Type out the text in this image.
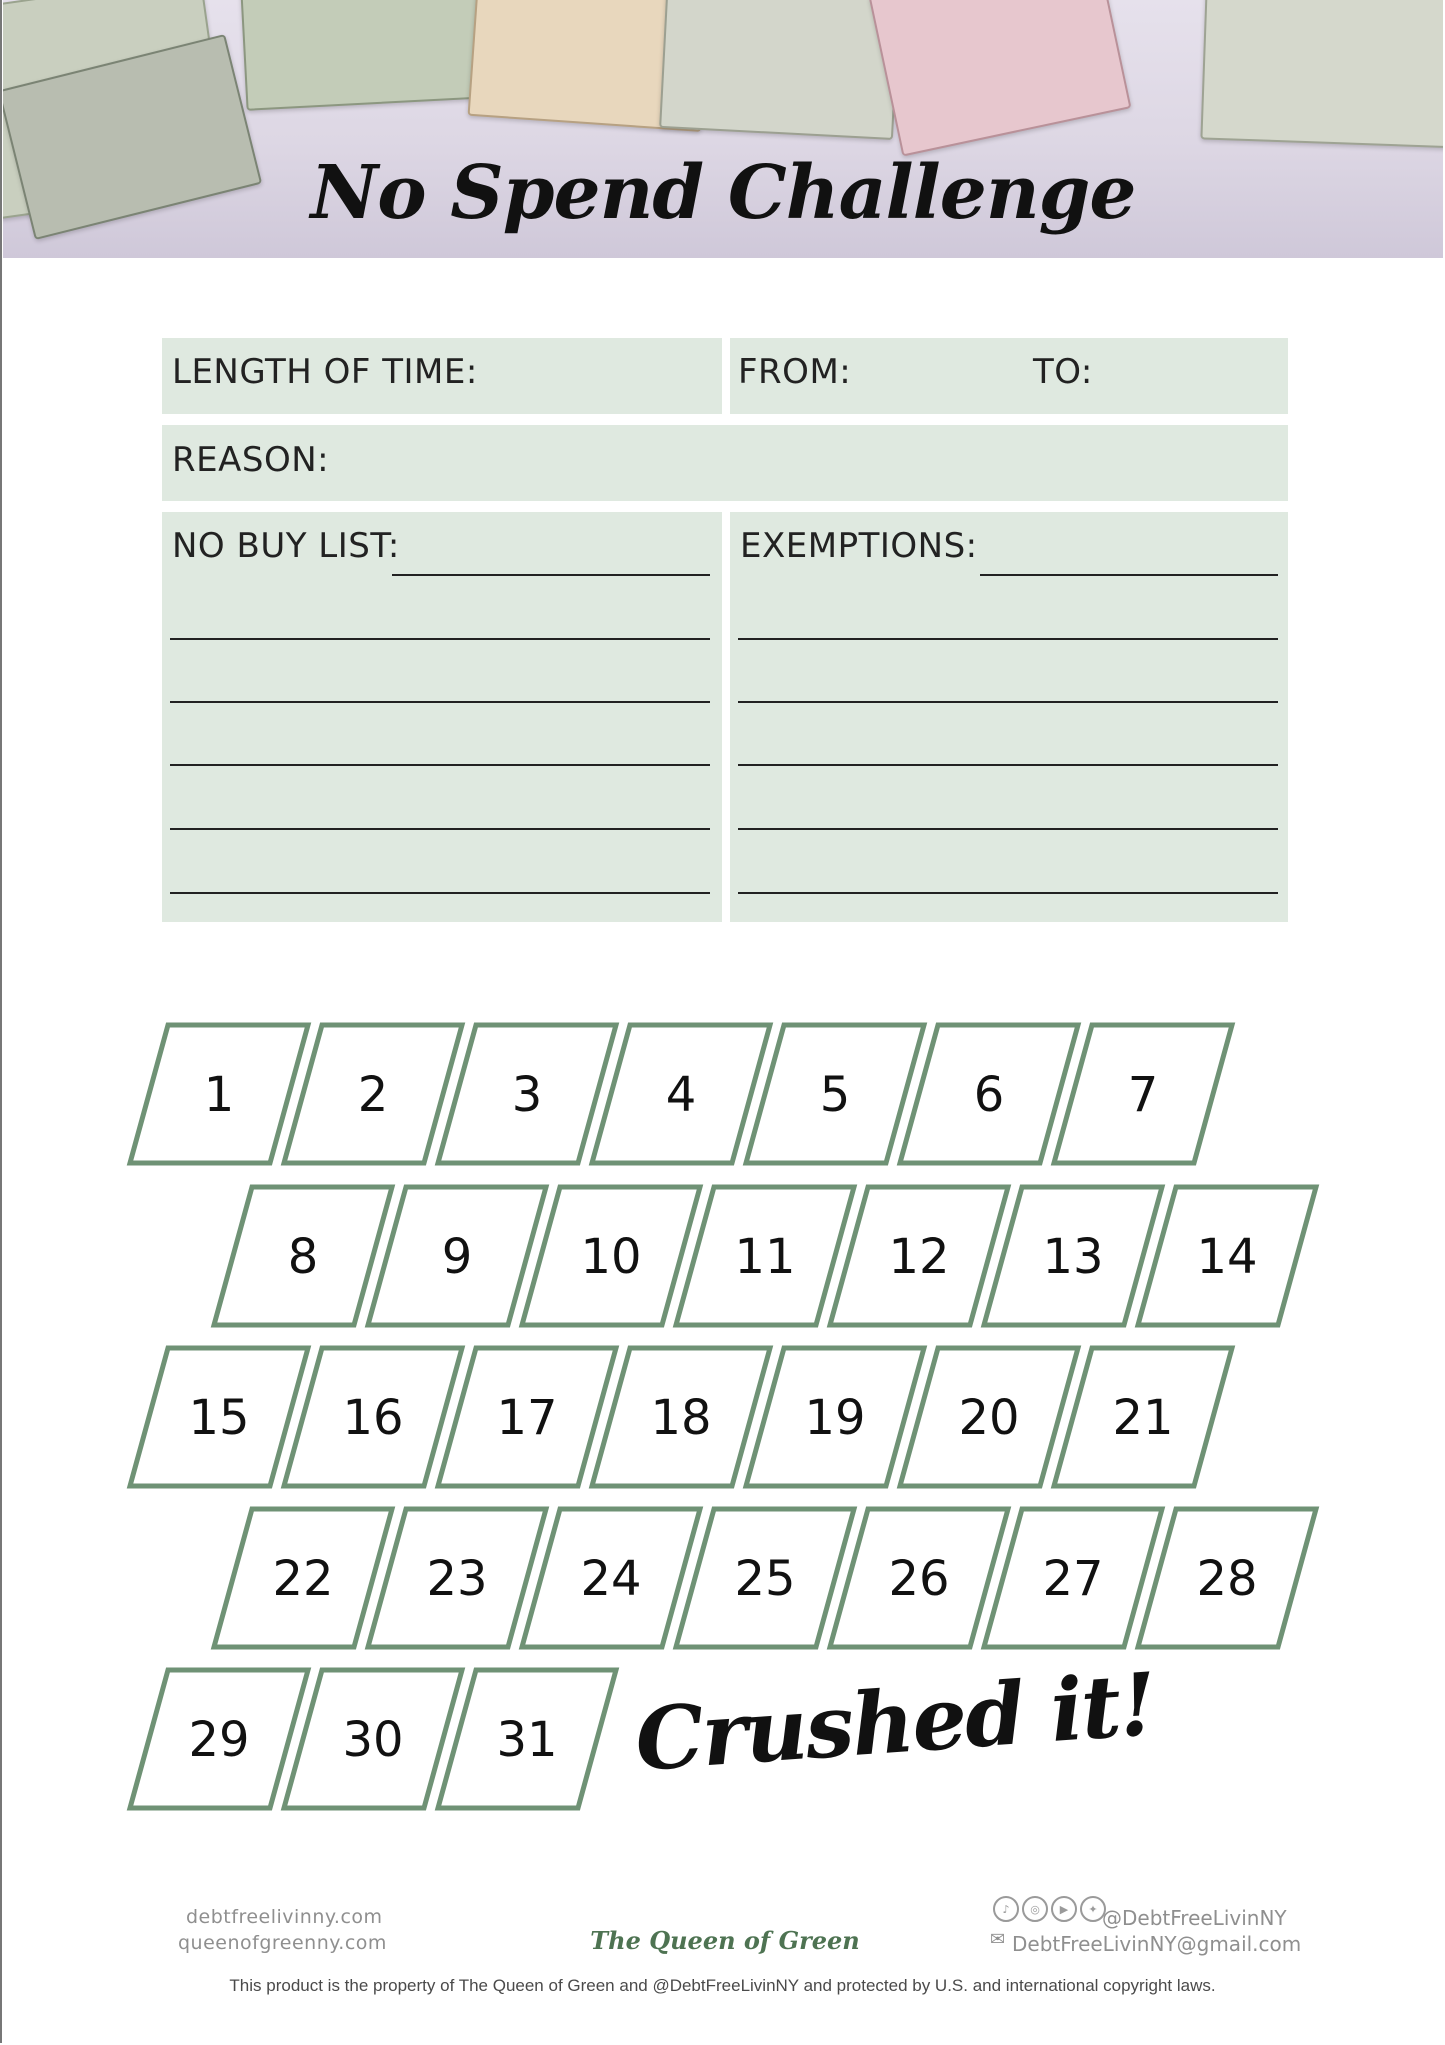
No Spend Challenge
LENGTH OF TIME:	FROM:	TO:
REASON:
NO BUY LIST:	EXEMPTIONS:
1	2	3	4	5	6	7
8	9 10 11 12 13 14
15 16 17 18 19 20 21
22 23 24 25 26 27 28
29 30 31 Crushed it!
debtfreelivinny.com
queenofgreenny.com	The Queen of Green
♪	◎	▶	✦ @DebtFreeLivinNY
✉ DebtFreeLivinNY@gmail.com
This product is the property of The Queen of Green and @DebtFreeLivinNY and protected by U.S. and international copyright laws.
